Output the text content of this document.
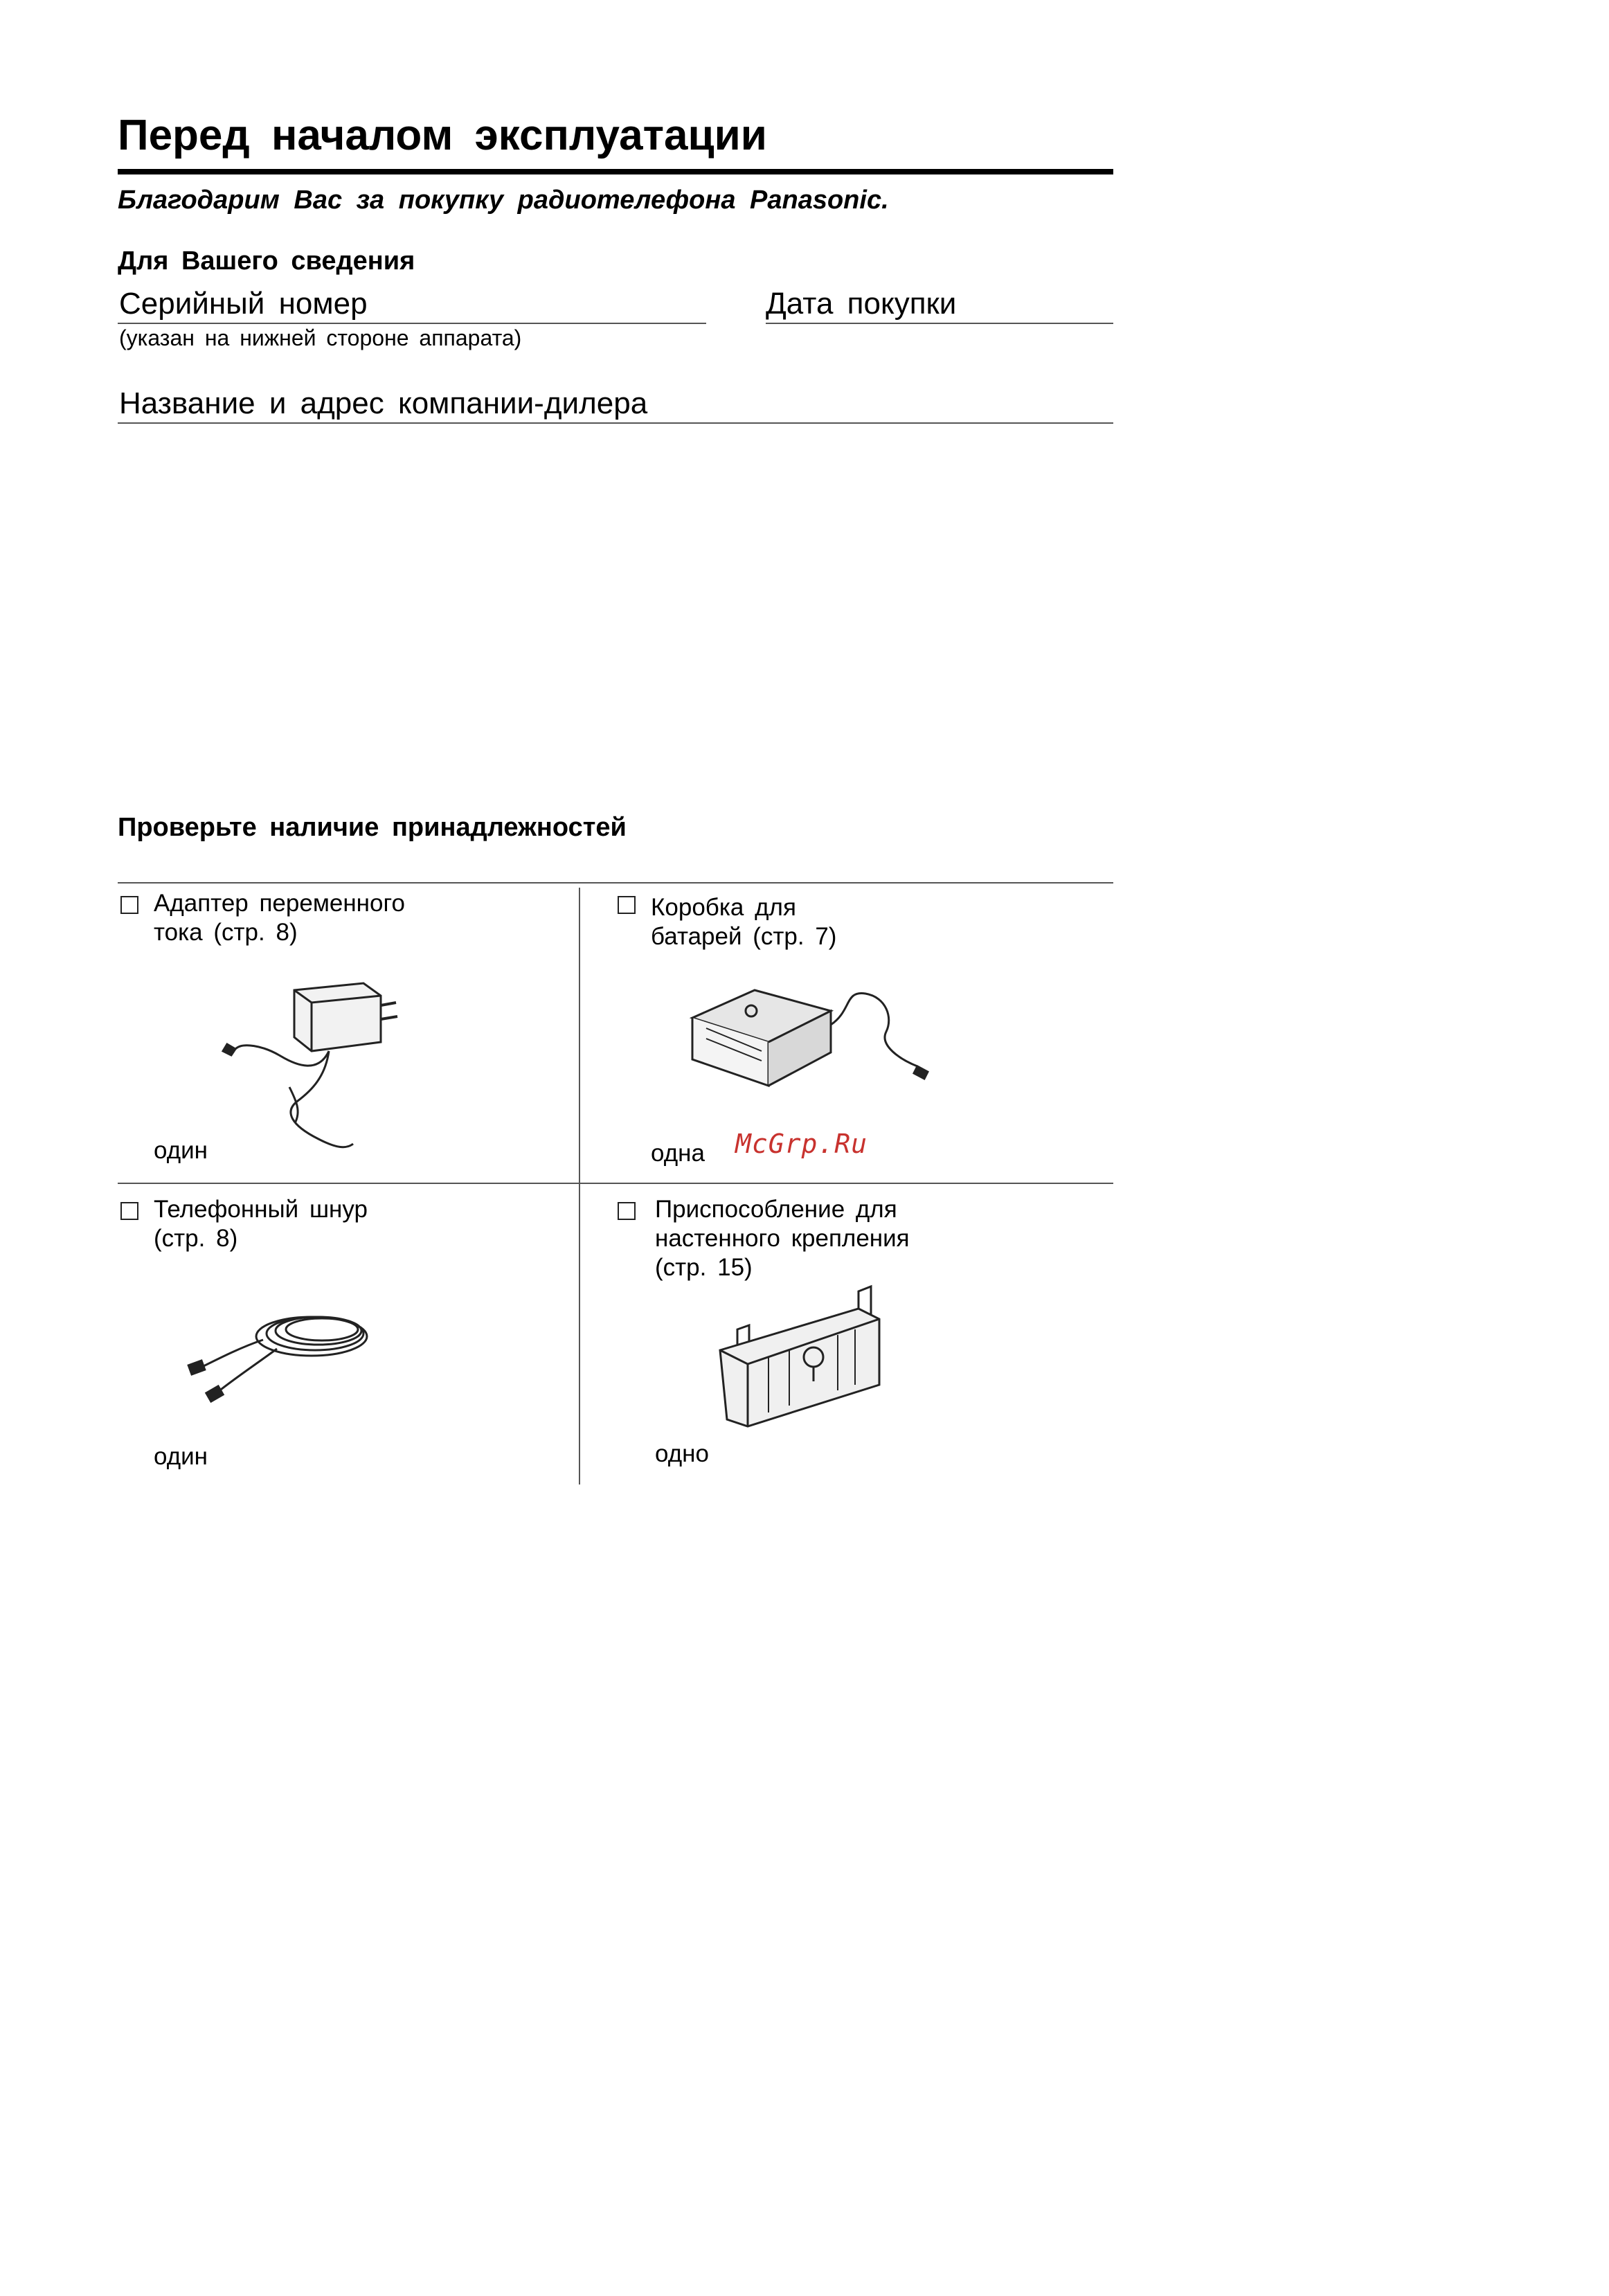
Перед началом эксплуатации
Благодарим Вас за покупку радиотелефона Panasonic.
Для Вашего сведения
Серийный номер
(указан на нижней стороне аппарата)
Дата покупки
Название и адрес компании-дилера
Проверьте наличие принадлежностей
Адаптер переменного
тока (стр. 8)
один
Коробка для
батарей (стр. 7)
одна
Телефонный шнур
(стр. 8)
один
Приспособление для
настенного крепления
(стр. 15)
одно
McGrp.Ru
